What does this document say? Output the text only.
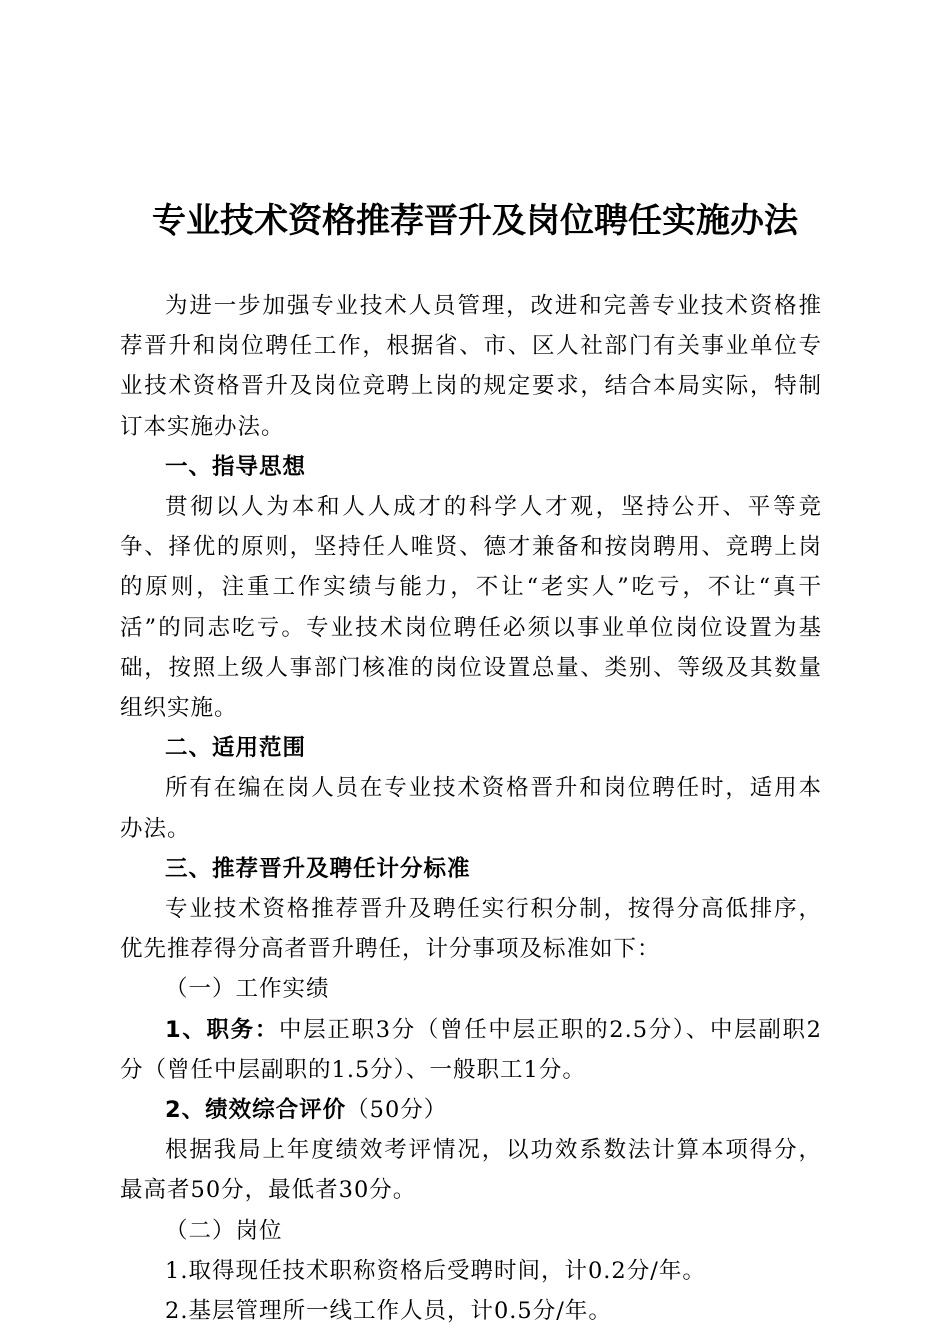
专业技术资格推荐晋升及岗位聘任实施办法

为进一步加强专业技术人员管理，改进和完善专业技术资格推荐晋升和岗位聘任工作，根据省、市、区人社部门有关事业单位专业技术资格晋升及岗位竞聘上岗的规定要求，结合本局实际，特制订本实施办法。

一、指导思想

贯彻以人为本和人人成才的科学人才观，坚持公开、平等竞争、择优的原则，坚持任人唯贤、德才兼备和按岗聘用、竞聘上岗的原则，注重工作实绩与能力，不让“老实人”吃亏，不让“真干活”的同志吃亏。专业技术岗位聘任必须以事业单位岗位设置为基础，按照上级人事部门核准的岗位设置总量、类别、等级及其数量组织实施。

二、适用范围

所有在编在岗人员在专业技术资格晋升和岗位聘任时，适用本办法。

三、推荐晋升及聘任计分标准

专业技术资格推荐晋升及聘任实行积分制，按得分高低排序，优先推荐得分高者晋升聘任，计分事项及标准如下：

（一）工作实绩

1、职务：中层正职3分（曾任中层正职的2.5分）、中层副职2分（曾任中层副职的1.5分）、一般职工1分。

2、绩效综合评价（50分）

根据我局上年度绩效考评情况，以功效系数法计算本项得分，最高者50分，最低者30分。

（二）岗位

1.取得现任技术职称资格后受聘时间，计0.2分/年。

2.基层管理所一线工作人员，计0.5分/年。
